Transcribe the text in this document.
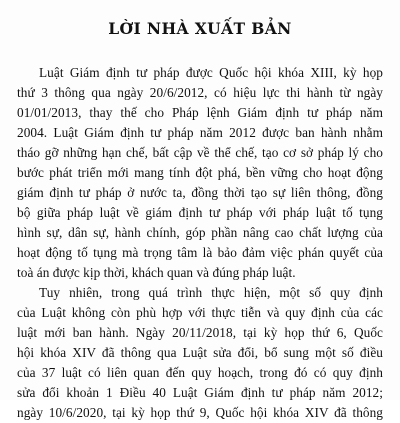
LỜI NHÀ XUẤT BẢN
Luật Giám định tư pháp được Quốc hội khóa XIII, kỳ họp
thứ 3 thông qua ngày 20/6/2012, có hiệu lực thi hành từ ngày
01/01/2013, thay thế cho Pháp lệnh Giám định tư pháp năm
2004. Luật Giám định tư pháp năm 2012 được ban hành nhằm
tháo gỡ những hạn chế, bất cập về thể chế, tạo cơ sở pháp lý cho
bước phát triển mới mang tính đột phá, bền vững cho hoạt động
giám định tư pháp ở nước ta, đồng thời tạo sự liên thông, đồng
bộ giữa pháp luật về giám định tư pháp với pháp luật tố tụng
hình sự, dân sự, hành chính, góp phần nâng cao chất lượng của
hoạt động tố tụng mà trọng tâm là bảo đảm việc phán quyết của
toà án được kịp thời, khách quan và đúng pháp luật.
Tuy nhiên, trong quá trình thực hiện, một số quy định
của Luật không còn phù hợp với thực tiễn và quy định của các
luật mới ban hành. Ngày 20/11/2018, tại kỳ họp thứ 6, Quốc
hội khóa XIV đã thông qua Luật sửa đổi, bổ sung một số điều
của 37 luật có liên quan đến quy hoạch, trong đó có quy định
sửa đổi khoản 1 Điều 40 Luật Giám định tư pháp năm 2012;
ngày 10/6/2020, tại kỳ họp thứ 9, Quốc hội khóa XIV đã thông
